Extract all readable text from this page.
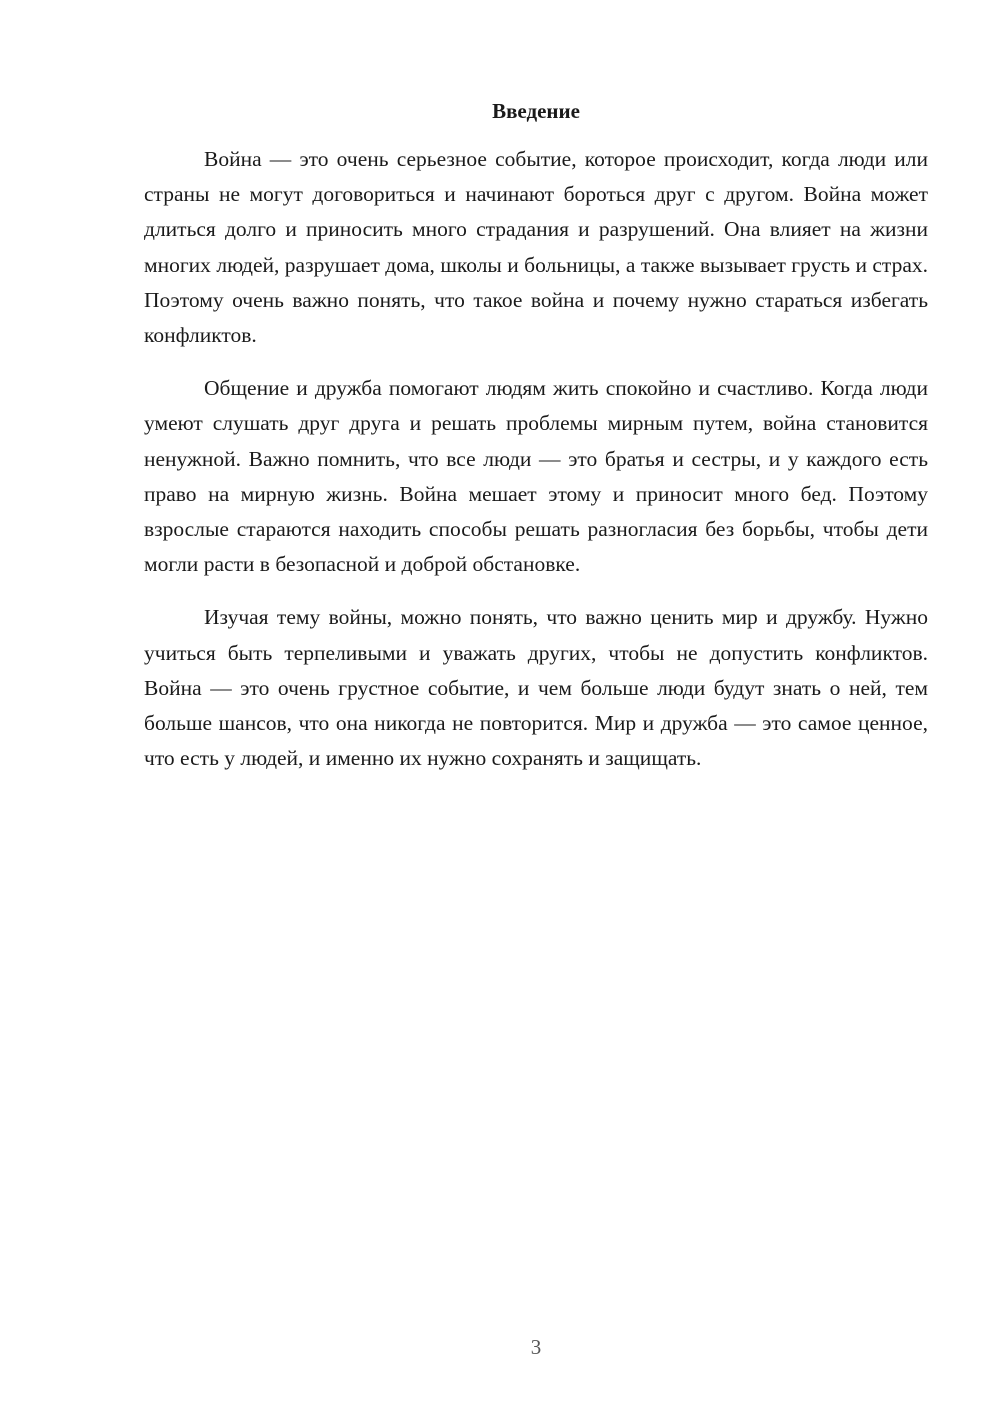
Введение

Война — это очень серьезное событие, которое происходит, когда люди или страны не могут договориться и начинают бороться друг с другом. Война может длиться долго и приносить много страдания и разрушений. Она влияет на жизни многих людей, разрушает дома, школы и больницы, а также вызывает грусть и страх. Поэтому очень важно понять, что такое война и почему нужно стараться избегать конфликтов.

Общение и дружба помогают людям жить спокойно и счастливо. Когда люди умеют слушать друг друга и решать проблемы мирным путем, война становится ненужной. Важно помнить, что все люди — это братья и сестры, и у каждого есть право на мирную жизнь. Война мешает этому и приносит много бед. Поэтому взрослые стараются находить способы решать разногласия без борьбы, чтобы дети могли расти в безопасной и доброй обстановке.

Изучая тему войны, можно понять, что важно ценить мир и дружбу. Нужно учиться быть терпеливыми и уважать других, чтобы не допустить конфликтов. Война — это очень грустное событие, и чем больше люди будут знать о ней, тем больше шансов, что она никогда не повторится. Мир и дружба — это самое ценное, что есть у людей, и именно их нужно сохранять и защищать.

3
